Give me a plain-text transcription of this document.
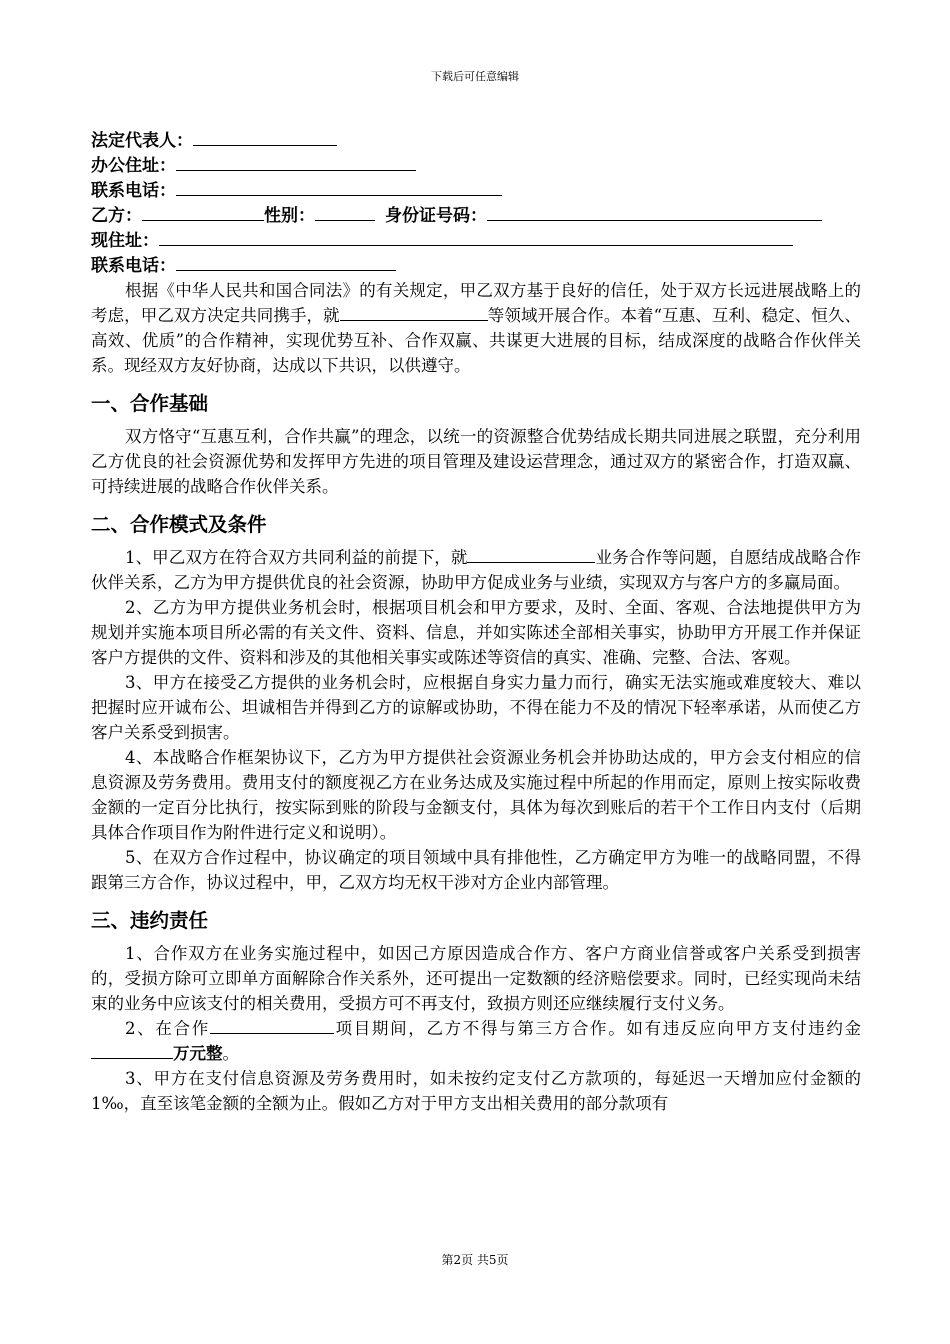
下载后可任意编辑
法定代表人：
办公住址：
联系电话：
乙方：	性别：	身份证号码：
现住址：
联系电话：

根据《中华人民共和国合同法》的有关规定，甲乙双方基于良好的信任，处于双方长远进展战略上的考虑，甲乙双方决定共同携手，就	等领域开展合作。本着“互惠、互利、稳定、恒久、高效、优质”的合作精神，实现优势互补、合作双赢、共谋更大进展的目标，结成深度的战略合作伙伴关系。现经双方友好协商，达成以下共识，以供遵守。

一、合作基础

双方恪守“互惠互利，合作共赢”的理念，以统一的资源整合优势结成长期共同进展之联盟，充分利用乙方优良的社会资源优势和发挥甲方先进的项目管理及建设运营理念，通过双方的紧密合作，打造双赢、可持续进展的战略合作伙伴关系。

二、合作模式及条件

1、甲乙双方在符合双方共同利益的前提下，就	业务合作等问题，自愿结成战略合作伙伴关系，乙方为甲方提供优良的社会资源，协助甲方促成业务与业绩，实现双方与客户方的多赢局面。

2、乙方为甲方提供业务机会时，根据项目机会和甲方要求，及时、全面、客观、合法地提供甲方为规划并实施本项目所必需的有关文件、资料、信息，并如实陈述全部相关事实，协助甲方开展工作并保证客户方提供的文件、资料和涉及的其他相关事实或陈述等资信的真实、准确、完整、合法、客观。

3、甲方在接受乙方提供的业务机会时，应根据自身实力量力而行，确实无法实施或难度较大、难以把握时应开诚布公、坦诚相告并得到乙方的谅解或协助，不得在能力不及的情况下轻率承诺，从而使乙方客户关系受到损害。

4、本战略合作框架协议下，乙方为甲方提供社会资源业务机会并协助达成的，甲方会支付相应的信息资源及劳务费用。费用支付的额度视乙方在业务达成及实施过程中所起的作用而定，原则上按实际收费金额的一定百分比执行，按实际到账的阶段与金额支付，具体为每次到账后的若干个工作日内支付（后期具体合作项目作为附件进行定义和说明）。

5、在双方合作过程中，协议确定的项目领域中具有排他性，乙方确定甲方为唯一的战略同盟，不得跟第三方合作，协议过程中，甲，乙双方均无权干涉对方企业内部管理。

三、违约责任

1、合作双方在业务实施过程中，如因己方原因造成合作方、客户方商业信誉或客户关系受到损害的，受损方除可立即单方面解除合作关系外，还可提出一定数额的经济赔偿要求。同时，已经实现尚未结束的业务中应该支付的相关费用，受损方可不再支付，致损方则还应继续履行支付义务。

2、在合作	项目期间，乙方不得与第三方合作。如有违反应向甲方支付违约金万元整。

3、甲方在支付信息资源及劳务费用时，如未按约定支付乙方款项的，每延迟一天增加应付金额的1‰，直至该笔金额的全额为止。假如乙方对于甲方支出相关费用的部分款项有

第2页 共5页
